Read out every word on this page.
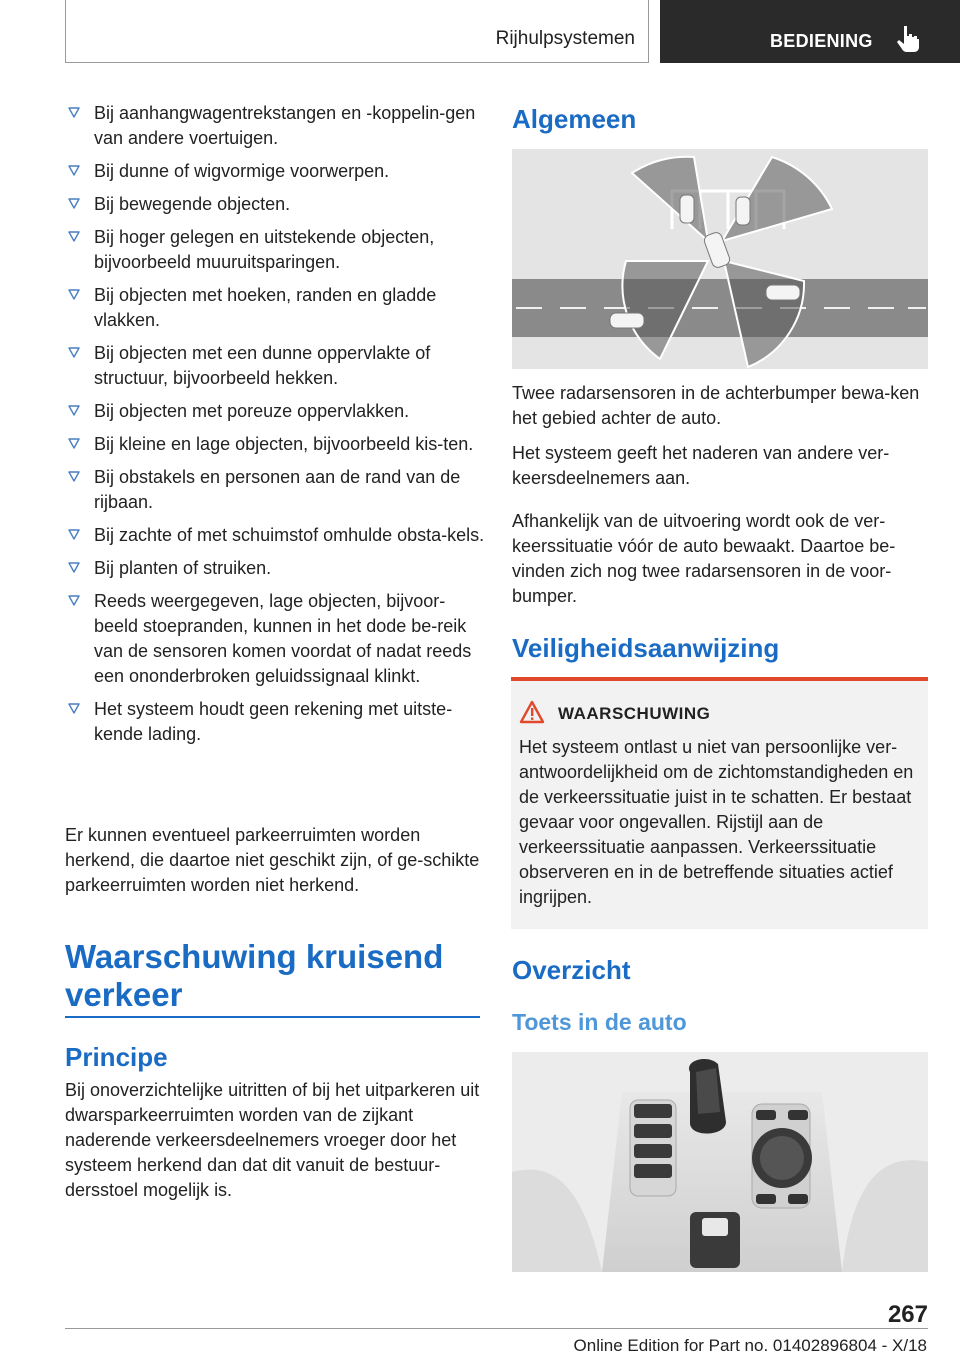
Rijhulpsystemen	BEDIENING
Bij aanhangwagentrekstangen en -koppelin-gen van andere voertuigen.
Bij dunne of wigvormige voorwerpen.
Bij bewegende objecten.
Bij hoger gelegen en uitstekende objecten, bijvoorbeeld muuruitsparingen.
Bij objecten met hoeken, randen en gladde vlakken.
Bij objecten met een dunne oppervlakte of structuur, bijvoorbeeld hekken.
Bij objecten met poreuze oppervlakken.
Bij kleine en lage objecten, bijvoorbeeld kis-ten.
Bij obstakels en personen aan de rand van de rijbaan.
Bij zachte of met schuimstof omhulde obsta-kels.
Bij planten of struiken.
Reeds weergegeven, lage objecten, bijvoor-beeld stoepranden, kunnen in het dode be-reik van de sensoren komen voordat of nadat reeds een ononderbroken geluidssignaal klinkt.
Het systeem houdt geen rekening met uitste-kende lading.

Er kunnen eventueel parkeerruimten worden herkend, die daartoe niet geschikt zijn, of ge-schikte parkeerruimten worden niet herkend.

Waarschuwing kruisend verkeer
Principe

Bij onoverzichtelijke uitritten of bij het uitparkeren uit dwarsparkeerruimten worden van de zijkant naderende verkeersdeelnemers vroeger door het systeem herkend dan dat dit vanuit de bestuur-dersstoel mogelijk is.

Algemeen

Twee radarsensoren in de achterbumper bewa-ken het gebied achter de auto.

Het systeem geeft het naderen van andere ver-keersdeelnemers aan.

Afhankelijk van de uitvoering wordt ook de ver-keerssituatie vóór de auto bewaakt. Daartoe be-vinden zich nog twee radarsensoren in de voor-bumper.

Veiligheidsaanwijzing
WAARSCHUWING
Het systeem ontlast u niet van persoonlijke ver-antwoordelijkheid om de zichtomstandigheden en de verkeerssituatie juist in te schatten. Er bestaat gevaar voor ongevallen. Rijstijl aan de verkeerssituatie aanpassen. Verkeerssituatie observeren en in de betreffende situaties actief ingrijpen.
Overzicht
Toets in de auto
267
Online Edition for Part no. 01402896804 - X/18
